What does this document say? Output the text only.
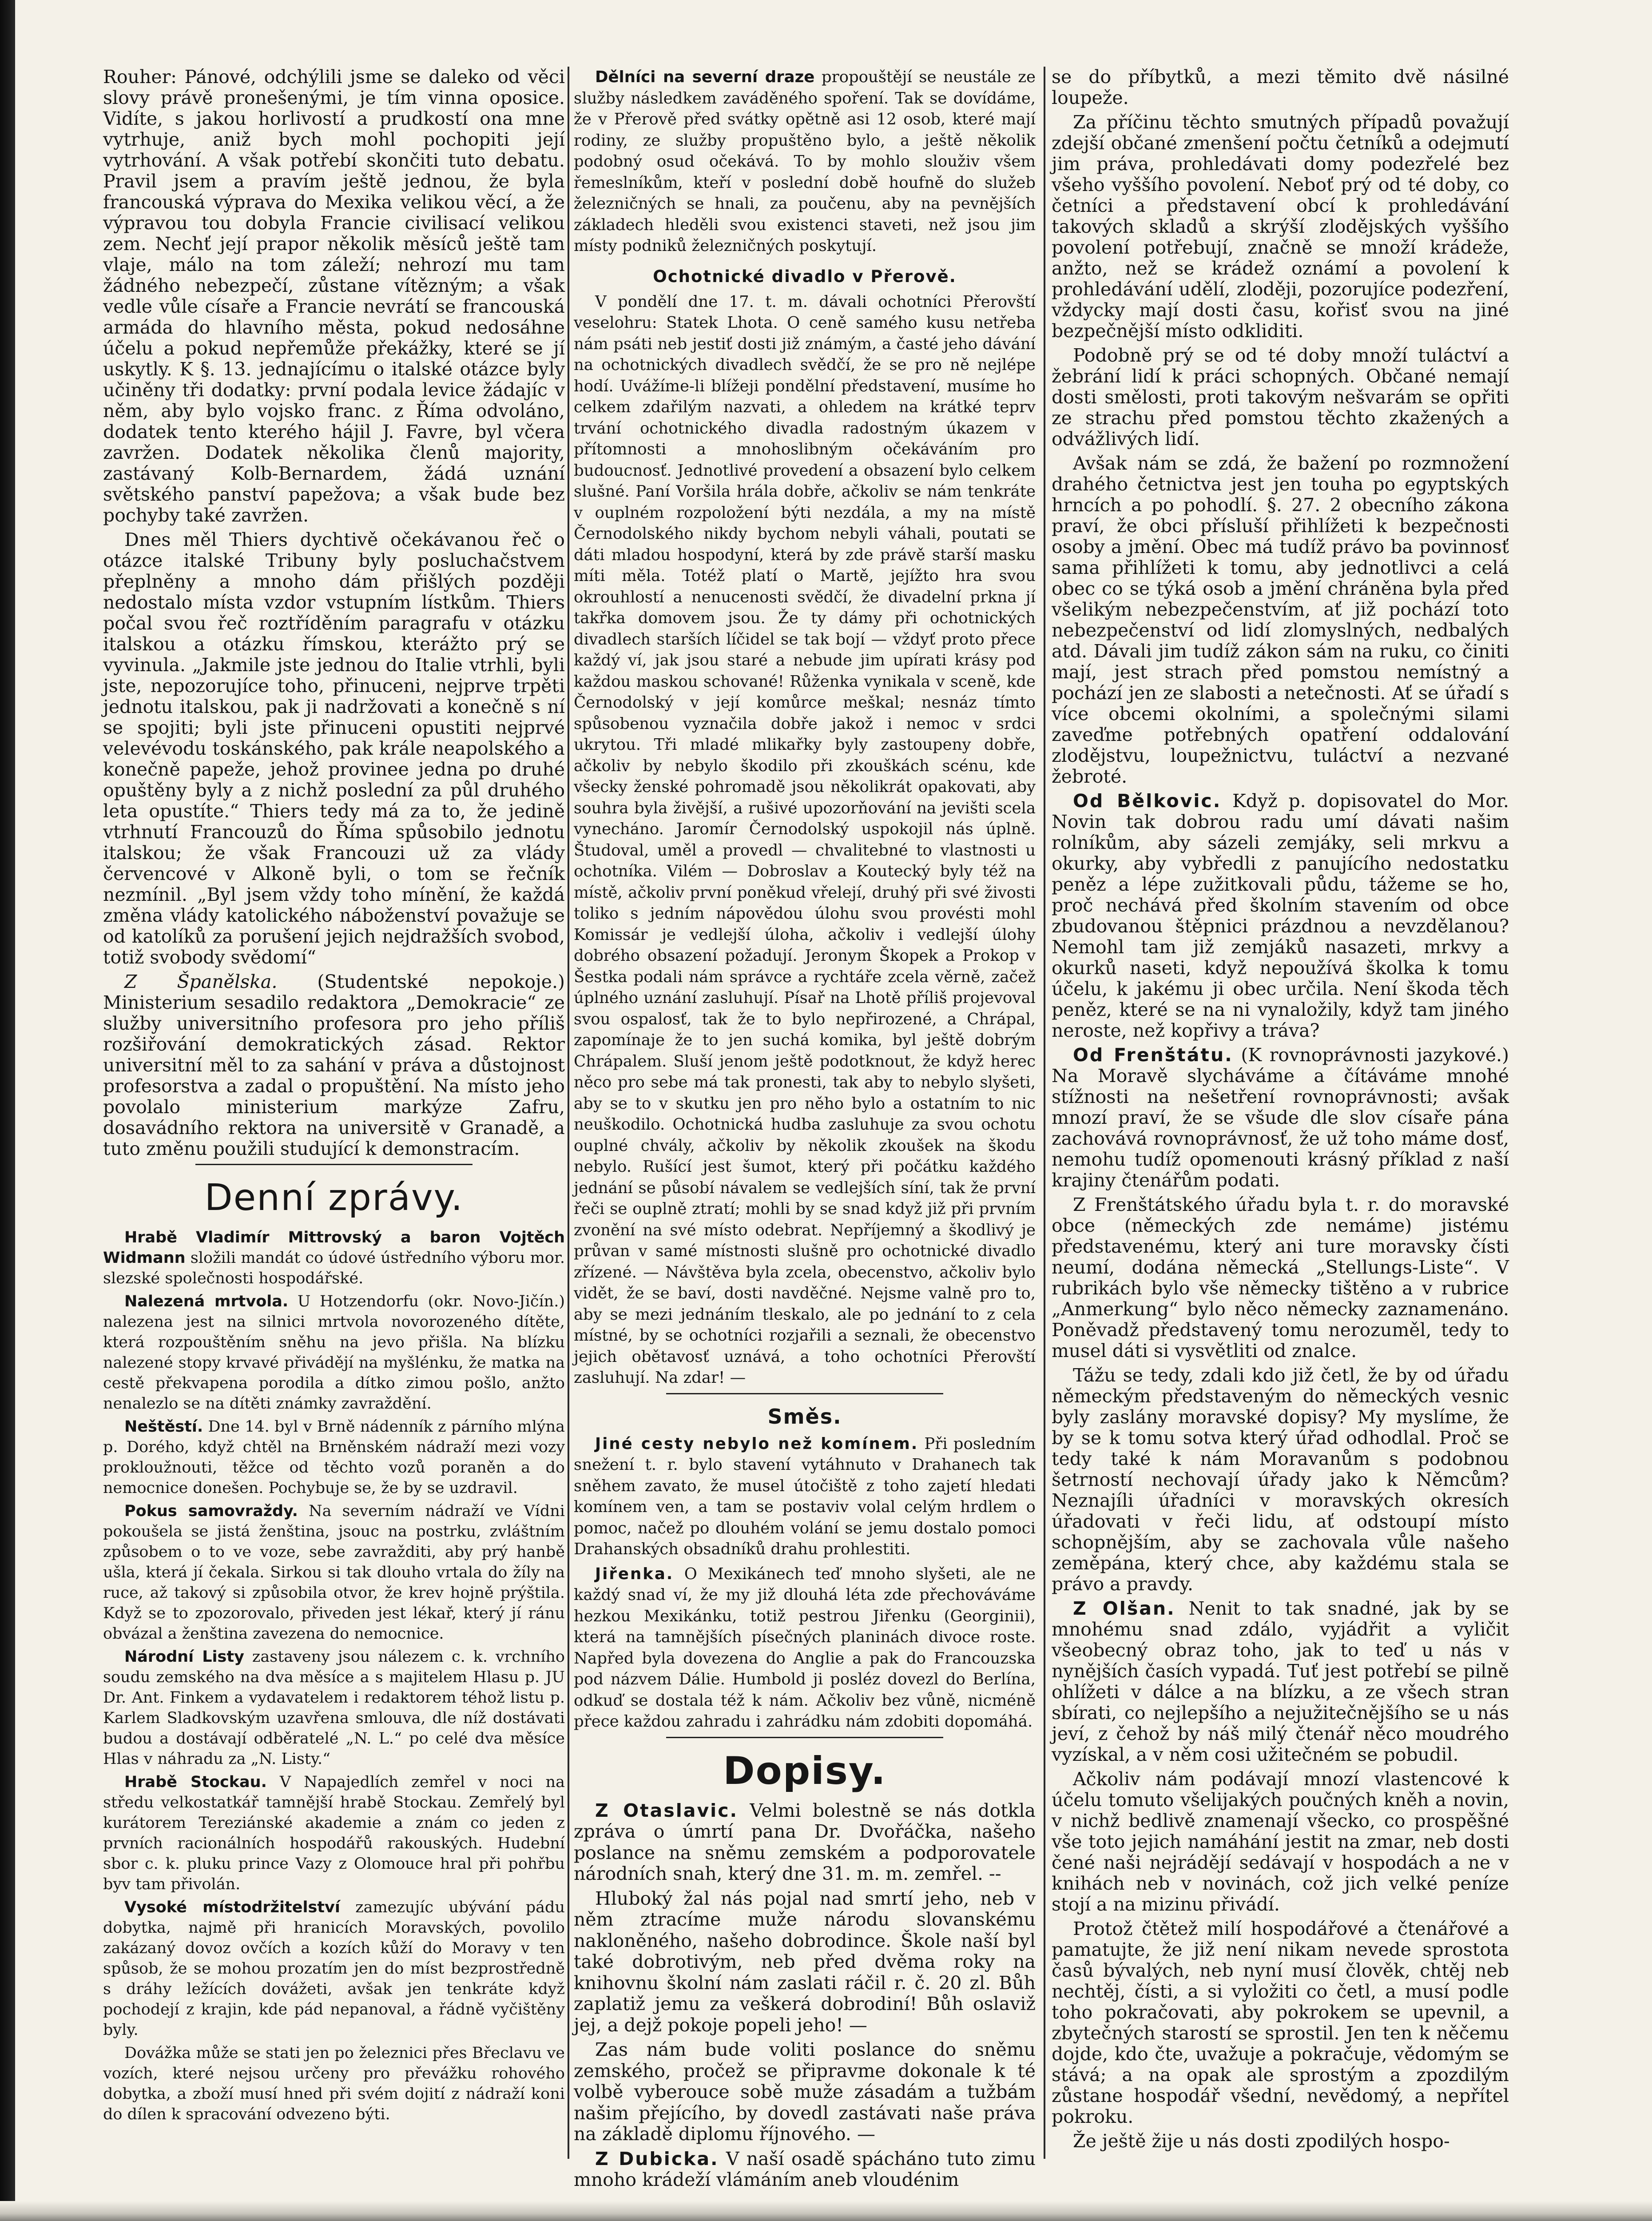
Rouher: Pánové, odchýlili jsme se daleko od věci slovy právě pronešenými, je tím vinna oposice. Vidíte, s jakou horlivostí a prudkostí ona mne vytrhuje, aniž bych mohl pochopiti její vytrhování. A však potřebí skončiti tuto debatu. Pravil jsem a pravím ještě jednou, že byla francouská výprava do Mexika velikou věcí, a že výpravou tou dobyla Francie civilisací velikou zem. Nechť její prapor několik měsíců ještě tam vlaje, málo na tom záleží; nehrozí mu tam žádného nebezpečí, zůstane vítězným; a však vedle vůle císaře a Francie nevrátí se francouská armáda do hlavního města, pokud nedosáhne účelu a pokud nepřemůže překážky, které se jí uskytly. K §. 13. jednajícímu o italské otázce byly učiněny tři dodatky: první podala levice žádajíc v něm, aby bylo vojsko franc. z Říma odvoláno, dodatek tento kterého hájil J. Favre, byl včera zavržen. Dodatek několika členů majority, zastávaný Kolb-Bernardem, žádá uznání světského panství papežova; a však bude bez pochyby také zavržen.

Dnes měl Thiers dychtivě očekávanou řeč o otázce italské Tribuny byly posluchačstvem přeplněny a mnoho dám přišlých později nedostalo místa vzdor vstupním lístkům. Thiers počal svou řeč roztříděním paragrafu v otázku italskou a otázku římskou, kterážto prý se vyvinula. „Jakmile jste jednou do Italie vtrhli, byli jste, nepozorujíce toho, přinuceni, nejprve trpěti jednotu italskou, pak ji nadržovati a konečně s ní se spojiti; byli jste přinuceni opustiti nejprvé velevévodu toskánského, pak krále neapolského a konečně papeže, jehož provinee jedna po druhé opuštěny byly a z nichž poslední za půl druhého leta opustíte.“ Thiers tedy má za to, že jedině vtrhnutí Francouzů do Říma spůsobilo jednotu italskou; že však Francouzi už za vlády červencové v Alkoně byli, o tom se řečník nezmínil. „Byl jsem vždy toho mínění, že každá změna vlády katolického náboženství považuje se od katolíků za porušení jejich nejdražších svobod, totiž svobody svědomí“

Z Španělska. (Studentské nepokoje.) Ministerium sesadilo redaktora „Demokracie“ ze služby universitního profesora pro jeho příliš rozšiřování demokratických zásad. Rektor universitní měl to za sahání v práva a důstojnost profesorstva a zadal o propuštění. Na místo jeho povolalo ministerium markýze Zafru, dosavádního rektora na universitě v Granadě, a tuto změnu použili studující k demonstracím.

Denní zprávy.

Hrabě Vladimír Mittrovský a baron Vojtěch Widmann složili mandát co údové ústředního výboru mor. slezské společnosti hospodářské.

Nalezená mrtvola. U Hotzendorfu (okr. Novo-Jičín.) nalezena jest na silnici mrtvola novorozeného dítěte, která rozpouštěním sněhu na jevo přišla. Na blízku nalezené stopy krvavé přivádějí na myšlénku, že matka na cestě překvapena porodila a dítko zimou pošlo, anžto nenalezlo se na dítěti známky zavraždění.

Neštěstí. Dne 14. byl v Brně nádenník z párního mlýna p. Dorého, když chtěl na Brněnském nádraží mezi vozy prokloužnouti, těžce od těchto vozů poraněn a do nemocnice donešen. Pochybuje se, že by se uzdravil.

Pokus samovraždy. Na severním nádraží ve Vídni pokoušela se jistá ženština, jsouc na postrku, zvláštním způsobem o to ve voze, sebe zavražditi, aby prý hanbě ušla, která jí čekala. Sirkou si tak dlouho vrtala do žíly na ruce, až takový si způsobila otvor, že krev hojně prýštila. Když se to zpozorovalo, přiveden jest lékař, který jí ránu obvázal a ženština zavezena do nemocnice.

Národní Listy zastaveny jsou nálezem c. k. vrchního soudu zemského na dva měsíce a s majitelem Hlasu p. JU Dr. Ant. Finkem a vydavatelem i redaktorem téhož listu p. Karlem Sladkovským uzavřena smlouva, dle níž dostávati budou a dostávají odběratelé „N. L.“ po celé dva měsíce Hlas v náhradu za „N. Listy.“

Hrabě Stockau. V Napajedlích zemřel v noci na středu velkostatkář tamnější hrabě Stockau. Zemřelý byl kurátorem Tereziánské akademie a znám co jeden z prvních racionálních hospodářů rakouských. Hudební sbor c. k. pluku prince Vazy z Olomouce hral při pohřbu byv tam přivolán.

Vysoké místodržitelství zamezujíc ubývání pádu dobytka, najmě při hranicích Moravských, povolilo zakázaný dovoz ovčích a kozích kůží do Moravy v ten spůsob, že se mohou prozatím jen do míst bezprostředně s dráhy ležících dovážeti, avšak jen tenkráte když pochodejí z krajin, kde pád nepanoval, a řádně vyčištěny byly.

Dovážka může se stati jen po železnici přes Břeclavu ve vozích, které nejsou určeny pro převážku rohového dobytka, a zboží musí hned při svém dojití z nádraží koni do dílen k spracování odvezeno býti.

Dělníci na severní draze propouštějí se neustále ze služby následkem zaváděného spoření. Tak se dovídáme, že v Přerově před svátky opětně asi 12 osob, které mají rodiny, ze služby propuštěno bylo, a ještě několik podobný osud očekává. To by mohlo slouživ všem řemeslníkům, kteří v poslední době houfně do služeb železničných se hnali, za poučenu, aby na pevnějších základech hleděli svou existenci staveti, než jsou jim místy podniků železničných poskytují.

Ochotnické divadlo v Přerově.

V pondělí dne 17. t. m. dávali ochotníci Přerovští veselohru: Statek Lhota. O ceně samého kusu netřeba nám psáti neb jestiť dosti již známým, a časté jeho dávání na ochotnických divadlech svědčí, že se pro ně nejlépe hodí. Uvážíme-li blížeji pondělní představení, musíme ho celkem zdařilým nazvati, a ohledem na krátké teprv trvání ochotnického divadla radostným úkazem v přítomnosti a mnohoslibným očekáváním pro budoucnosť. Jednotlivé provedení a obsazení bylo celkem slušné. Paní Voršila hrála dobře, ačkoliv se nám tenkráte v ouplném rozpoložení býti nezdála, a my na místě Černodolského nikdy bychom nebyli váhali, poutati se dáti mladou hospodyní, která by zde právě starší masku míti měla. Totéž platí o Martě, jejížto hra svou okrouhlostí a nenucenosti svědčí, že divadelní prkna jí takřka domovem jsou. Že ty dámy při ochotnických divadlech starších líčidel se tak bojí — vždyť proto přece každý ví, jak jsou staré a nebude jim upírati krásy pod každou maskou schované! Růženka vynikala v sceně, kde Černodolský v její komůrce meškal; nesnáz tímto spůsobenou vyznačila dobře jakož i nemoc v srdci ukrytou. Tři mladé mlikařky byly zastoupeny dobře, ačkoliv by nebylo škodilo při zkouškách scénu, kde všecky ženské pohromadě jsou několikrát opakovati, aby souhra byla živější, a rušivé upozorňování na jevišti scela vynecháno. Jaromír Černodolský uspokojil nás úplně. Študoval, uměl a provedl — chvalitebné to vlastnosti u ochotníka. Vilém — Dobroslav a Koutecký byly též na místě, ačkoliv první poněkud vřelejí, druhý při své živosti toliko s jedním nápovědou úlohu svou provésti mohl Komissár je vedlejší úloha, ačkoliv i vedlejší úlohy dobrého obsazení požadují. Jeronym Škopek a Prokop v Šestka podali nám správce a rychtáře zcela věrně, začež úplného uznání zasluhují. Písař na Lhotě příliš projevoval svou ospalosť, tak že to bylo nepřirozené, a Chrápal, zapomínaje že to jen suchá komika, byl ještě dobrým Chrápalem. Sluší jenom ještě podotknout, že když herec něco pro sebe má tak pronesti, tak aby to nebylo slyšeti, aby se to v skutku jen pro něho bylo a ostatním to nic neuškodilo. Ochotnická hudba zasluhuje za svou ochotu ouplné chvály, ačkoliv by několik zkoušek na škodu nebylo. Rušící jest šumot, který při počátku každého jednání se působí návalem se vedlejších síní, tak že první řeči se ouplně ztratí; mohli by se snad když již při prvním zvonění na své místo odebrat. Nepříjemný a škodlivý je průvan v samé místnosti slušně pro ochotnické divadlo zřízené. — Návštěva byla zcela, obecenstvo, ačkoliv bylo vidět, že se baví, dosti navděčné. Nejsme valně pro to, aby se mezi jednáním tleskalo, ale po jednání to z cela místné, by se ochotníci rozjařili a seznali, že obecenstvo jejich obětavosť uznává, a toho ochotníci Přerovští zasluhují. Na zdar! —

Směs.

Jiné cesty nebylo než komínem. Při posledním snežení t. r. bylo stavení vytáhnuto v Drahanech tak sněhem zavato, že musel útočiště z toho zajetí hledati komínem ven, a tam se postaviv volal celým hrdlem o pomoc, načež po dlouhém volání se jemu dostalo pomoci Drahanských obsadníků drahu prohlestiti.

Jiřenka. O Mexikánech teď mnoho slyšeti, ale ne každý snad ví, že my již dlouhá léta zde přechováváme hezkou Mexikánku, totiž pestrou Jiřenku (Georginii), která na tamnějších písečných planinách divoce roste. Napřed byla dovezena do Anglie a pak do Francouzska pod názvem Dálie. Humbold ji posléz dovezl do Berlína, odkuď se dostala též k nám. Ačkoliv bez vůně, nicméně přece každou zahradu i zahrádku nám zdobiti dopomáhá.

Dopisy.

Z Otaslavic. Velmi bolestně se nás dotkla zpráva o úmrtí pana Dr. Dvořáčka, našeho poslance na sněmu zemském a podporovatele národních snah, který dne 31. m. m. zemřel. --

Hluboký žal nás pojal nad smrtí jeho, neb v něm ztracíme muže národu slovanskému nakloněného, našeho dobrodince. Škole naší byl také dobrotivým, neb před dvěma roky na knihovnu školní nám zaslati ráčil r. č. 20 zl. Bůh zaplatiž jemu za veškerá dobrodiní! Bůh oslaviž jej, a dejž pokoje popeli jeho! —

Zas nám bude voliti poslance do sněmu zemského, pročež se připravme dokonale k té volbě vyberouce sobě muže zásadám a tužbám našim přejícího, by dovedl zastávati naše práva na základě diplomu říjnového. —

Z Dubicka. V naší osadě spácháno tuto zimu mnoho krádeží vlámáním aneb vloudénim

se do příbytků, a mezi těmito dvě násilné loupeže.

Za příčinu těchto smutných případů považují zdejší občané zmenšení počtu četníků a odejmutí jim práva, prohledávati domy podezřelé bez všeho vyššího povolení. Neboť prý od té doby, co četníci a představení obcí k prohledávání takových skladů a skrýší zlodějských vyššího povolení potřebují, značně se množí krádeže, anžto, než se krádež oznámí a povolení k prohledávání udělí, zloději, pozorujíce podezření, vždycky mají dosti času, kořisť svou na jiné bezpečnější místo odkliditi.

Podobně prý se od té doby množí tuláctví a žebrání lidí k práci schopných. Občané nemají dosti smělosti, proti takovým nešvarám se opřiti ze strachu před pomstou těchto zkažených a odvážlivých lidí.

Avšak nám se zdá, že bažení po rozmnožení drahého četnictva jest jen touha po egyptských hrncích a po pohodlí. §. 27. 2 obecního zákona praví, že obci přísluší přihlížeti k bezpečnosti osoby a jmění. Obec má tudíž právo ba povinnosť sama přihlížeti k tomu, aby jednotlivci a celá obec co se týká osob a jmění chráněna byla před všelikým nebezpečenstvím, ať již pochází toto nebezpečenství od lidí zlomyslných, nedbalých atd. Dávali jim tudíž zákon sám na ruku, co činiti mají, jest strach před pomstou nemístný a pochází jen ze slabosti a netečnosti. Ať se úřadí s více obcemi okolními, a společnými silami zaveďme potřebných opatření oddalování zlodějstvu, loupežnictvu, tuláctví a nezvané žebroté.

Od Bělkovic. Když p. dopisovatel do Mor. Novin tak dobrou radu umí dávati našim rolníkům, aby sázeli zemjáky, seli mrkvu a okurky, aby vybředli z panujícího nedostatku peněz a lépe zužitkovali půdu, tážeme se ho, proč nechává před školním stavením od obce zbudovanou štěpnici prázdnou a nevzdělanou? Nemohl tam již zemjáků nasazeti, mrkvy a okurků naseti, když nepoužívá školka k tomu účelu, k jakému ji obec určila. Není škoda těch peněz, které se na ni vynaložily, když tam jiného neroste, než kopřivy a tráva?

Od Frenštátu. (K rovnoprávnosti jazykové.) Na Moravě slycháváme a čítáváme mnohé stížnosti na nešetření rovnoprávnosti; avšak mnozí praví, že se všude dle slov císaře pána zachovává rovnoprávnosť, že už toho máme dosť, nemohu tudíž opomenouti krásný příklad z naší krajiny čtenářům podati.

Z Frenštátského úřadu byla t. r. do moravské obce (německých zde nemáme) jistému představenému, který ani ture moravsky čísti neumí, dodána německá „Stellungs-Liste“. V rubrikách bylo vše německy tištěno a v rubrice „Anmerkung“ bylo něco německy zaznamenáno. Poněvadž představený tomu nerozuměl, tedy to musel dáti si vysvětliti od znalce.

Tážu se tedy, zdali kdo již četl, že by od úřadu německým představeným do německých vesnic byly zaslány moravské dopisy? My myslíme, že by se k tomu sotva který úřad odhodlal. Proč se tedy také k nám Moravanům s podobnou šetrností nechovají úřady jako k Němcům? Neznajíli úřadníci v moravských okresích úřadovati v řeči lidu, ať odstoupí místo schopnějším, aby se zachovala vůle našeho zeměpána, který chce, aby každému stala se právo a pravdy.

Z Olšan. Nenit to tak snadné, jak by se mnohému snad zdálo, vyjádřit a vyličit všeobecný obraz toho, jak to teď u nás v nynějších časích vypadá. Tuť jest potřebí se pilně ohlížeti v dálce a na blízku, a ze všech stran sbírati, co nejlepšího a nejužitečnějšího se u nás jeví, z čehož by náš milý čtenář něco moudrého vyzískal, a v něm cosi užitečném se pobudil.

Ačkoliv nám podávají mnozí vlastencové k účelu tomuto všelijakých poučných kněh a novin, v nichž bedlivě znamenají všecko, co prospěšné vše toto jejich namáhání jestit na zmar, neb dosti čené naši nejrádějí sedávají v hospodách a ne v knihách neb v novinách, což jich velké peníze stojí a na mizinu přivádí.

Protož čtětež milí hospodářové a čtenářové a pamatujte, že již není nikam nevede sprostota časů bývalých, neb nyní musí člověk, chtěj neb nechtěj, čísti, a si vyložiti co četl, a musí podle toho pokračovati, aby pokrokem se upevnil, a zbytečných starostí se sprostil. Jen ten k něčemu dojde, kdo čte, uvažuje a pokračuje, vědomým se stává; a na opak ale sprostým a zpozdilým zůstane hospodář všední, nevědomý, a nepřítel pokroku.

Že ještě žije u nás dosti zpodilých hospo-
